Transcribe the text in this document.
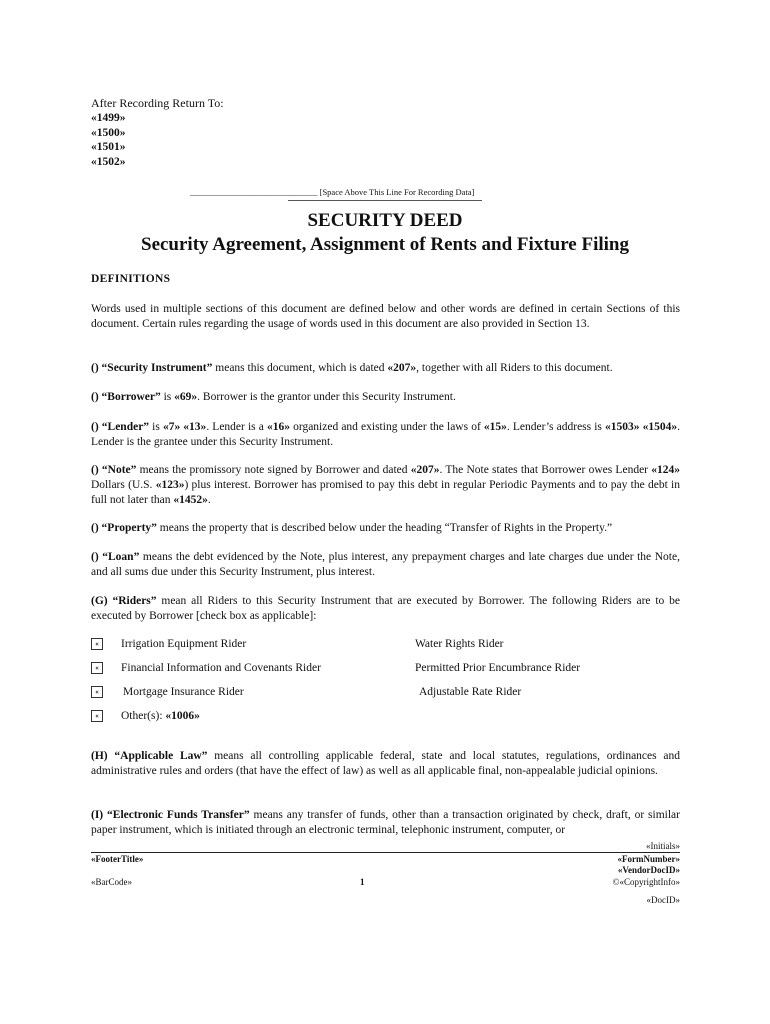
After Recording Return To:
«1499»
«1500»
«1501»
«1502»
______________________________ [Space Above This Line For Recording Data]
SECURITY DEED
Security Agreement, Assignment of Rents and Fixture Filing
DEFINITIONS
Words used in multiple sections of this document are defined below and other words are defined in certain Sections of this document. Certain rules regarding the usage of words used in this document are also provided in Section 13.
() “Security Instrument” means this document, which is dated «207», together with all Riders to this document.
() “Borrower” is «69». Borrower is the grantor under this Security Instrument.
() “Lender” is «7» «13». Lender is a «16» organized and existing under the laws of «15». Lender’s address is «1503» «1504». Lender is the grantee under this Security Instrument.
() “Note” means the promissory note signed by Borrower and dated «207». The Note states that Borrower owes Lender «124» Dollars (U.S. «123») plus interest. Borrower has promised to pay this debt in regular Periodic Payments and to pay the debt in full not later than «1452».
() “Property” means the property that is described below under the heading “Transfer of Rights in the Property.”
() “Loan” means the debt evidenced by the Note, plus interest, any prepayment charges and late charges due under the Note, and all sums due under this Security Instrument, plus interest.
(G) “Riders” mean all Riders to this Security Instrument that are executed by Borrower. The following Riders are to be executed by Borrower [check box as applicable]:
«	Irrigation Equipment Rider	Water Rights Rider
«	Financial Information and Covenants Rider	Permitted Prior Encumbrance Rider
«	Mortgage Insurance Rider	Adjustable Rate Rider
«	Other(s): «1006»
(H) “Applicable Law” means all controlling applicable federal, state and local statutes, regulations, ordinances and administrative rules and orders (that have the effect of law) as well as all applicable final, non-appealable judicial opinions.
(I) “Electronic Funds Transfer” means any transfer of funds, other than a transaction originated by check, draft, or similar paper instrument, which is initiated through an electronic terminal, telephonic instrument, computer, or
«Initials»
«FooterTitle»	«FormNumber»
«VendorDocID»
«BarCode»	1	©«CopyrightInfo»
«DocID»
